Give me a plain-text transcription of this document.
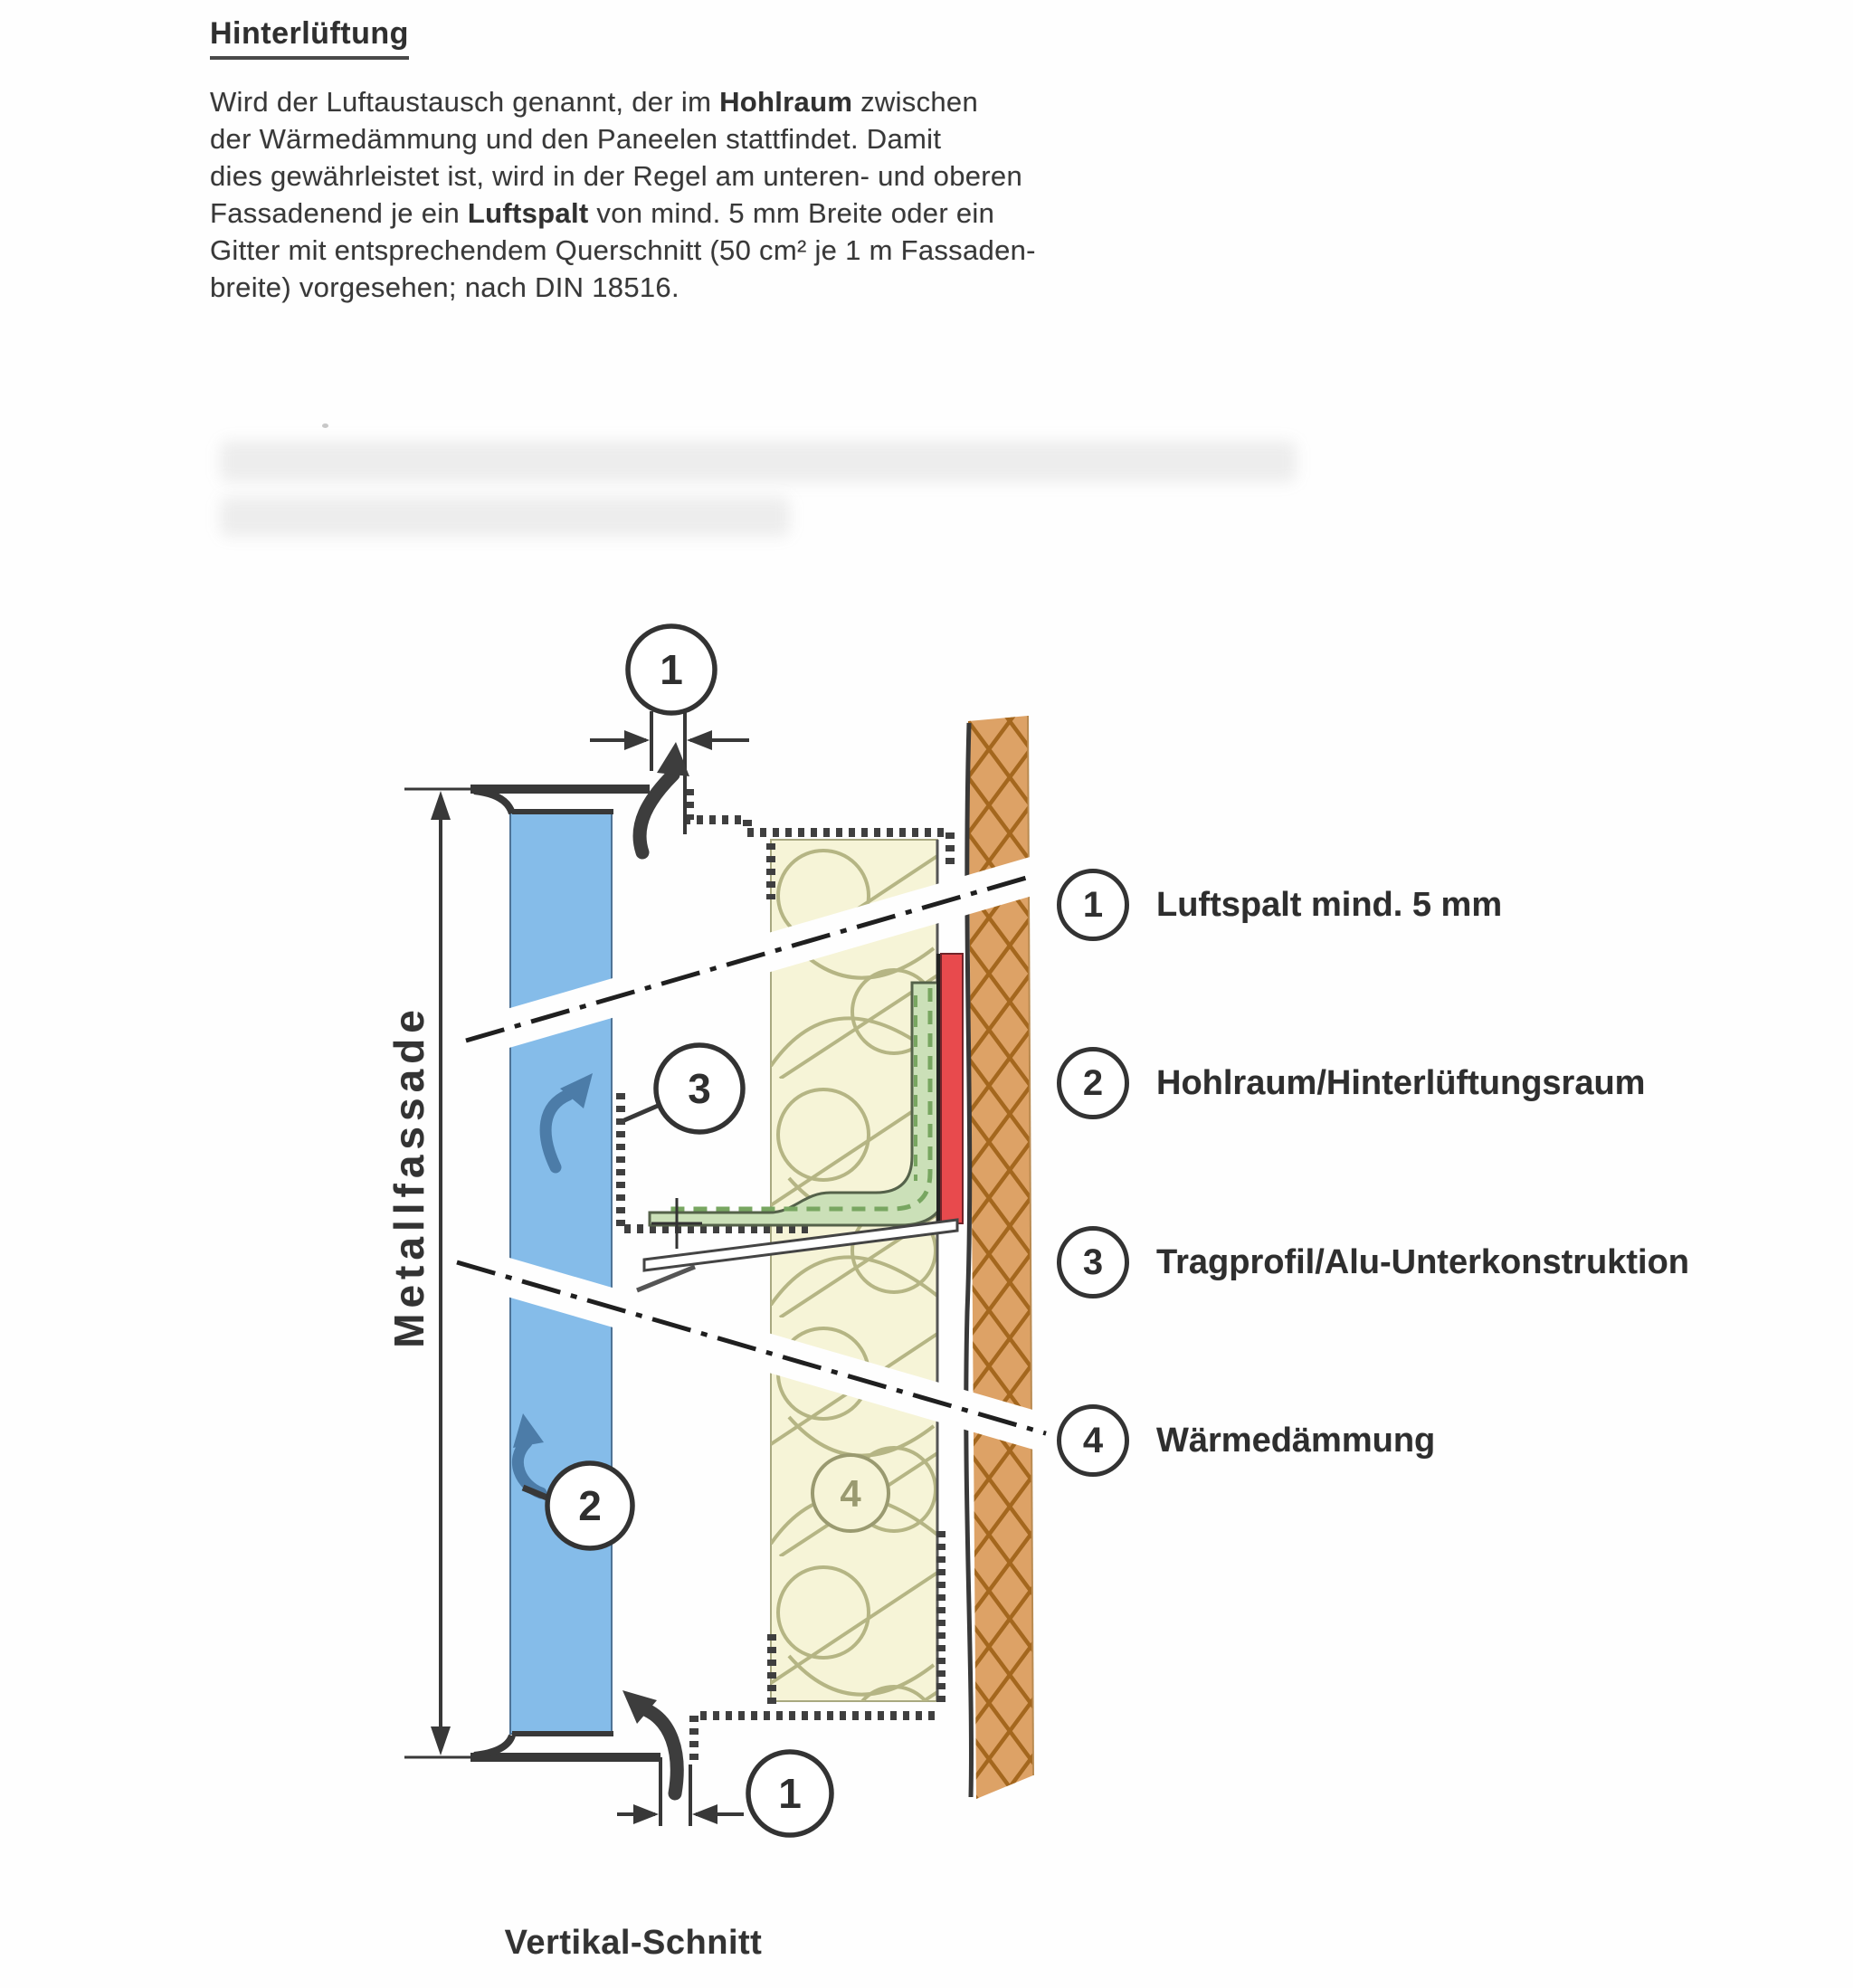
Hinterlüftung
Wird der Luftaustausch genannt, der im Hohlraum zwischen
der Wärmedämmung und den Paneelen stattfindet. Damit
dies gewährleistet ist, wird in der Regel am unteren- und oberen
Fassadenend je ein Luftspalt von mind. 5 mm Breite oder ein
Gitter mit entsprechendem Querschnitt (50 cm² je 1 m Fassaden-
breite) vorgesehen; nach DIN 18516.
1
3
2	4
1
Metallfassade
1 Luftspalt mind. 5 mm
2 Hohlraum/Hinterlüftungsraum
3 Tragprofil/Alu-Unterkonstruktion
4 Wärmedämmung
Vertikal-Schnitt
